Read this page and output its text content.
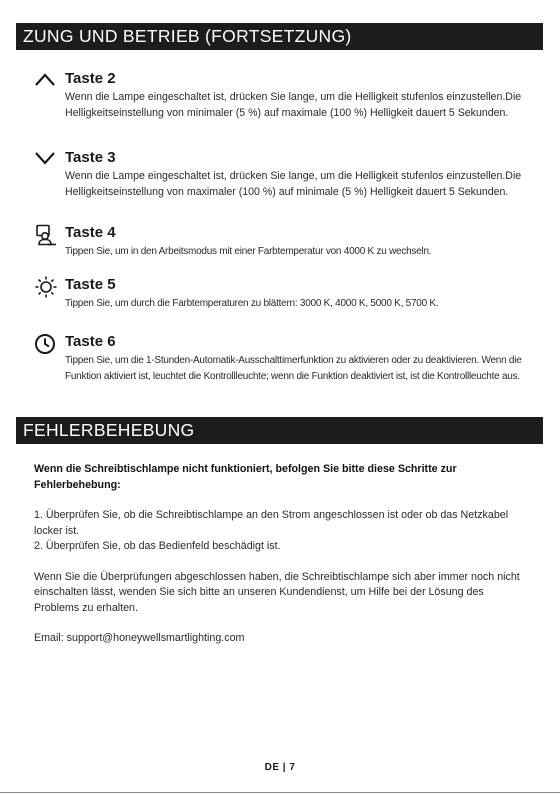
ZUNG UND BETRIEB (FORTSETZUNG)
Taste 2
Wenn die Lampe eingeschaltet ist, drücken Sie lange, um die Helligkeit stufenlos einzustellen.Die Helligkeitseinstellung von minimaler (5 %) auf maximale (100 %) Helligkeit dauert 5 Sekunden.
Taste 3
Wenn die Lampe eingeschaltet ist, drücken Sie lange, um die Helligkeit stufenlos einzustellen.Die Helligkeitseinstellung von maximaler (100 %) auf minimale (5 %) Helligkeit dauert 5 Sekunden.
Taste 4
Tippen Sie, um in den Arbeitsmodus mit einer Farbtemperatur von 4000 K zu wechseln.
Taste 5
Tippen Sie, um durch die Farbtemperaturen zu blättern: 3000 K, 4000 K, 5000 K, 5700 K.
Taste 6
Tippen Sie, um die 1-Stunden-Automatik-Ausschalttimerfunktion zu aktivieren oder zu deaktivieren. Wenn die Funktion aktiviert ist, leuchtet die Kontrollleuchte; wenn die Funktion deaktiviert ist, ist die Kontrollleuchte aus.
FEHLERBEHEBUNG

Wenn die Schreibtischlampe nicht funktioniert, befolgen Sie bitte diese Schritte zur Fehlerbehebung:

1. Überprüfen Sie, ob die Schreibtischlampe an den Strom angeschlossen ist oder ob das Netzkabel locker ist.

2. Überprüfen Sie, ob das Bedienfeld beschädigt ist.

Wenn Sie die Überprüfungen abgeschlossen haben, die Schreibtischlampe sich aber immer noch nicht einschalten lässt, wenden Sie sich bitte an unseren Kundendienst, um Hilfe bei der Lösung des Problems zu erhalten.

Email: support@honeywellsmartlighting.com

DE | 7
